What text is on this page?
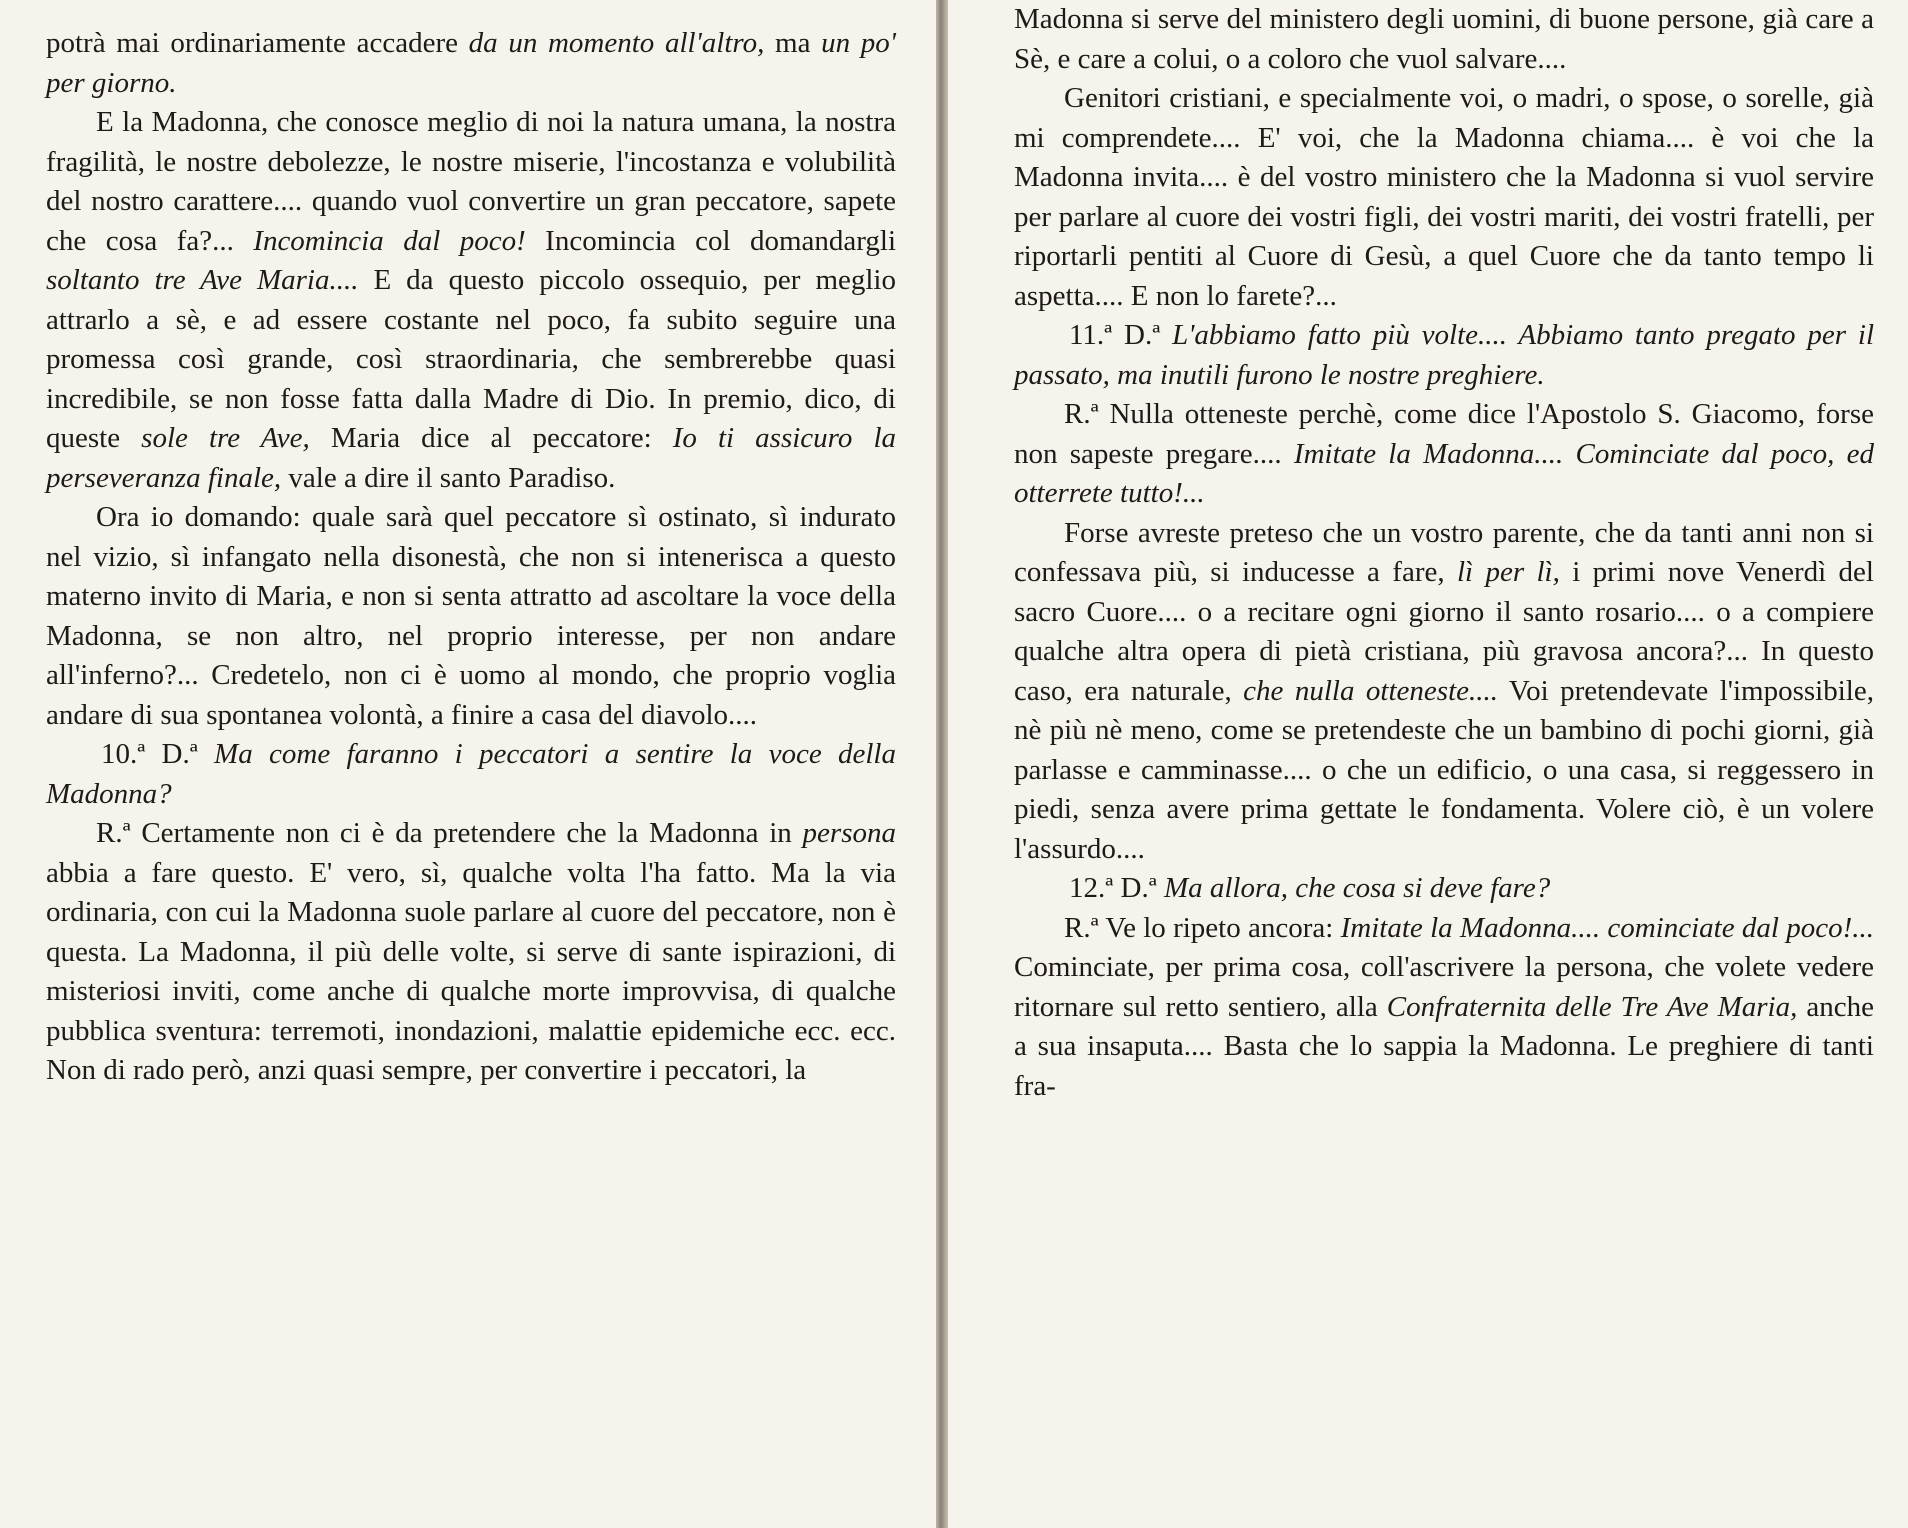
potrà mai ordinariamente accadere da un momento all'altro, ma un po' per giorno.

E la Madonna, che conosce meglio di noi la natura umana, la nostra fragilità, le nostre debolezze, le nostre miserie, l'incostanza e volubilità del nostro carattere.... quando vuol convertire un gran peccatore, sapete che cosa fa?... Incomincia dal poco! Incomincia col domandargli soltanto tre Ave Maria.... E da questo piccolo ossequio, per meglio attrarlo a sè, e ad essere costante nel poco, fa subito seguire una promessa così grande, così straordinaria, che sembrerebbe quasi incredibile, se non fosse fatta dalla Madre di Dio. In premio, dico, di queste sole tre Ave, Maria dice al peccatore: Io ti assicuro la perseveranza finale, vale a dire il santo Paradiso.

Ora io domando: quale sarà quel peccatore sì ostinato, sì indurato nel vizio, sì infangato nella disonestà, che non si intenerisca a questo materno invito di Maria, e non si senta attratto ad ascoltare la voce della Madonna, se non altro, nel proprio interesse, per non andare all'inferno?... Credetelo, non ci è uomo al mondo, che proprio voglia andare di sua spontanea volontà, a finire a casa del diavolo....

10.ª D.ª Ma come faranno i peccatori a sentire la voce della Madonna?

R.ª Certamente non ci è da pretendere che la Madonna in persona abbia a fare questo. E' vero, sì, qualche volta l'ha fatto. Ma la via ordinaria, con cui la Madonna suole parlare al cuore del peccatore, non è questa. La Madonna, il più delle volte, si serve di sante ispirazioni, di misteriosi inviti, come anche di qualche morte improvvisa, di qualche pubblica sventura: terremoti, inondazioni, malattie epidemiche ecc. ecc. Non di rado però, anzi quasi sempre, per convertire i peccatori, la

Madonna si serve del ministero degli uomini, di buone persone, già care a Sè, e care a colui, o a coloro che vuol salvare....

Genitori cristiani, e specialmente voi, o madri, o spose, o sorelle, già mi comprendete.... E' voi, che la Madonna chiama.... è voi che la Madonna invita.... è del vostro ministero che la Madonna si vuol servire per parlare al cuore dei vostri figli, dei vostri mariti, dei vostri fratelli, per riportarli pentiti al Cuore di Gesù, a quel Cuore che da tanto tempo li aspetta.... E non lo farete?...

11.ª D.ª L'abbiamo fatto più volte.... Abbiamo tanto pregato per il passato, ma inutili furono le nostre preghiere.

R.ª Nulla otteneste perchè, come dice l'Apostolo S. Giacomo, forse non sapeste pregare.... Imitate la Madonna.... Cominciate dal poco, ed otterrete tutto!...

Forse avreste preteso che un vostro parente, che da tanti anni non si confessava più, si inducesse a fare, lì per lì, i primi nove Venerdì del sacro Cuore.... o a recitare ogni giorno il santo rosario.... o a compiere qualche altra opera di pietà cristiana, più gravosa ancora?... In questo caso, era naturale, che nulla otteneste.... Voi pretendevate l'impossibile, nè più nè meno, come se pretendeste che un bambino di pochi giorni, già parlasse e camminasse.... o che un edificio, o una casa, si reggessero in piedi, senza avere prima gettate le fondamenta. Volere ciò, è un volere l'assurdo....

12.ª D.ª Ma allora, che cosa si deve fare?

R.ª Ve lo ripeto ancora: Imitate la Madonna.... cominciate dal poco!... Cominciate, per prima cosa, coll'ascrivere la persona, che volete vedere ritornare sul retto sentiero, alla Confraternita delle Tre Ave Maria, anche a sua insaputa.... Basta che lo sappia la Madonna. Le preghiere di tanti fra-
